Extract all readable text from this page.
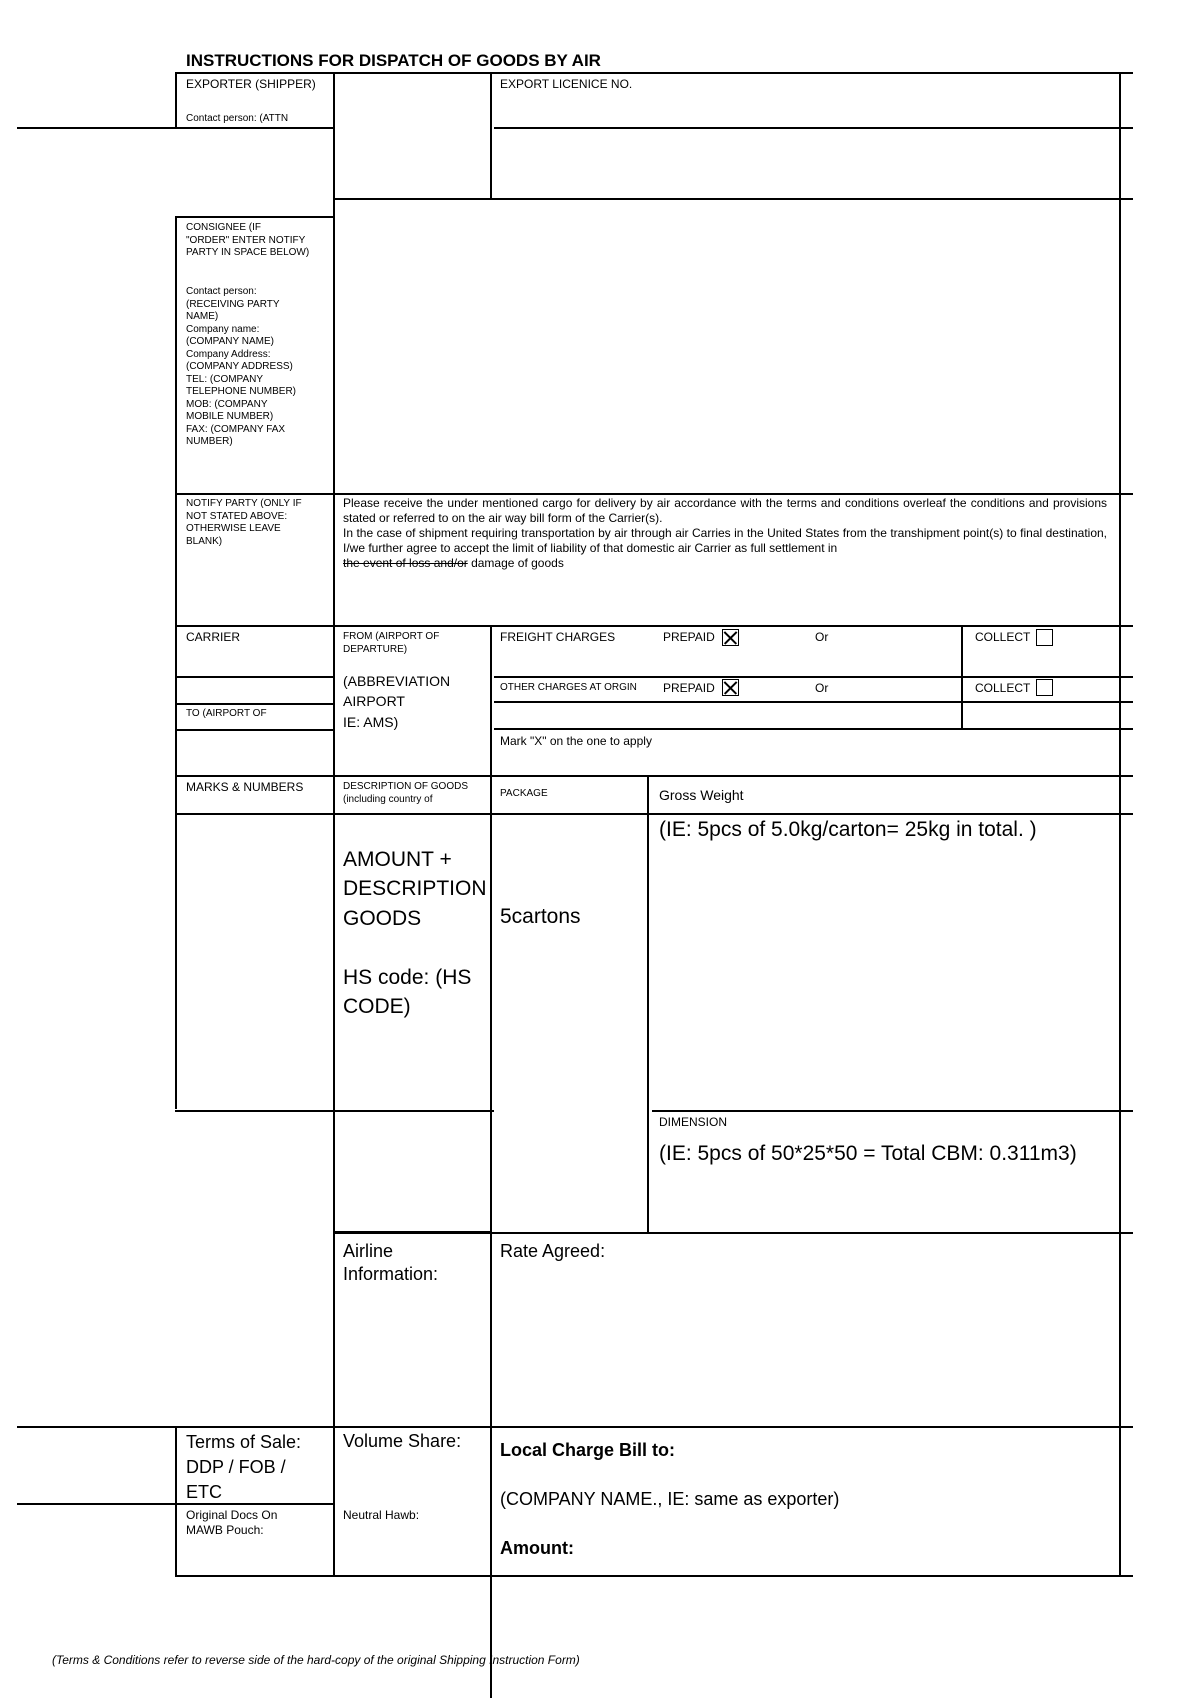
INSTRUCTIONS FOR DISPATCH OF GOODS BY AIR
EXPORTER (SHIPPER)
Contact person: (ATTN
EXPORT LICENICE NO.
CONSIGNEE (IF
"ORDER" ENTER NOTIFY
PARTY IN SPACE BELOW)
Contact person:
(RECEIVING PARTY
NAME)
Company name:
(COMPANY NAME)
Company Address:
(COMPANY ADDRESS)
TEL: (COMPANY
TELEPHONE NUMBER)
MOB: (COMPANY
MOBILE NUMBER)
FAX: (COMPANY FAX
NUMBER)
NOTIFY PARTY (ONLY IF
NOT STATED ABOVE:
OTHERWISE LEAVE
BLANK)
Please receive the under mentioned cargo for delivery by air accordance with the terms and conditions overleaf the conditions and provisions stated or referred to on the air way bill form of the Carrier(s).
In the case of shipment requiring transportation by air through air Carries in the United States from the transhipment point(s) to final destination, I/we further agree to accept the limit of liability of that domestic air Carrier as full settlement in
the event of loss and/or damage of goods
CARRIER	FROM (AIRPORT OF
DEPARTURE)
(ABBREVIATION
AIRPORT
IE: AMS)
TO (AIRPORT OF
FREIGHT CHARGES	PREPAID	Or	COLLECT
OTHER CHARGES AT ORGIN PREPAID	Or	COLLECT
Mark "X" on the one to apply
MARKS & NUMBERS	DESCRIPTION OF GOODS
(including country of	PACKAGE	Gross Weight
AMOUNT +
DESCRIPTION
GOODS

HS code: (HS
CODE)
5cartons
(IE: 5pcs of 5.0kg/carton= 25kg in total. )
DIMENSION
(IE: 5pcs of 50*25*50 = Total CBM: 0.311m3)
Airline
Information:
Rate Agreed:
Terms of Sale:
DDP / FOB /
ETC
Volume Share:
Original Docs On
MAWB Pouch:
Neutral Hawb:
Local Charge Bill to:
(COMPANY NAME., IE: same as exporter)
Amount:
(Terms & Conditions refer to reverse side of the hard-copy of the original Shipping Instruction Form)
